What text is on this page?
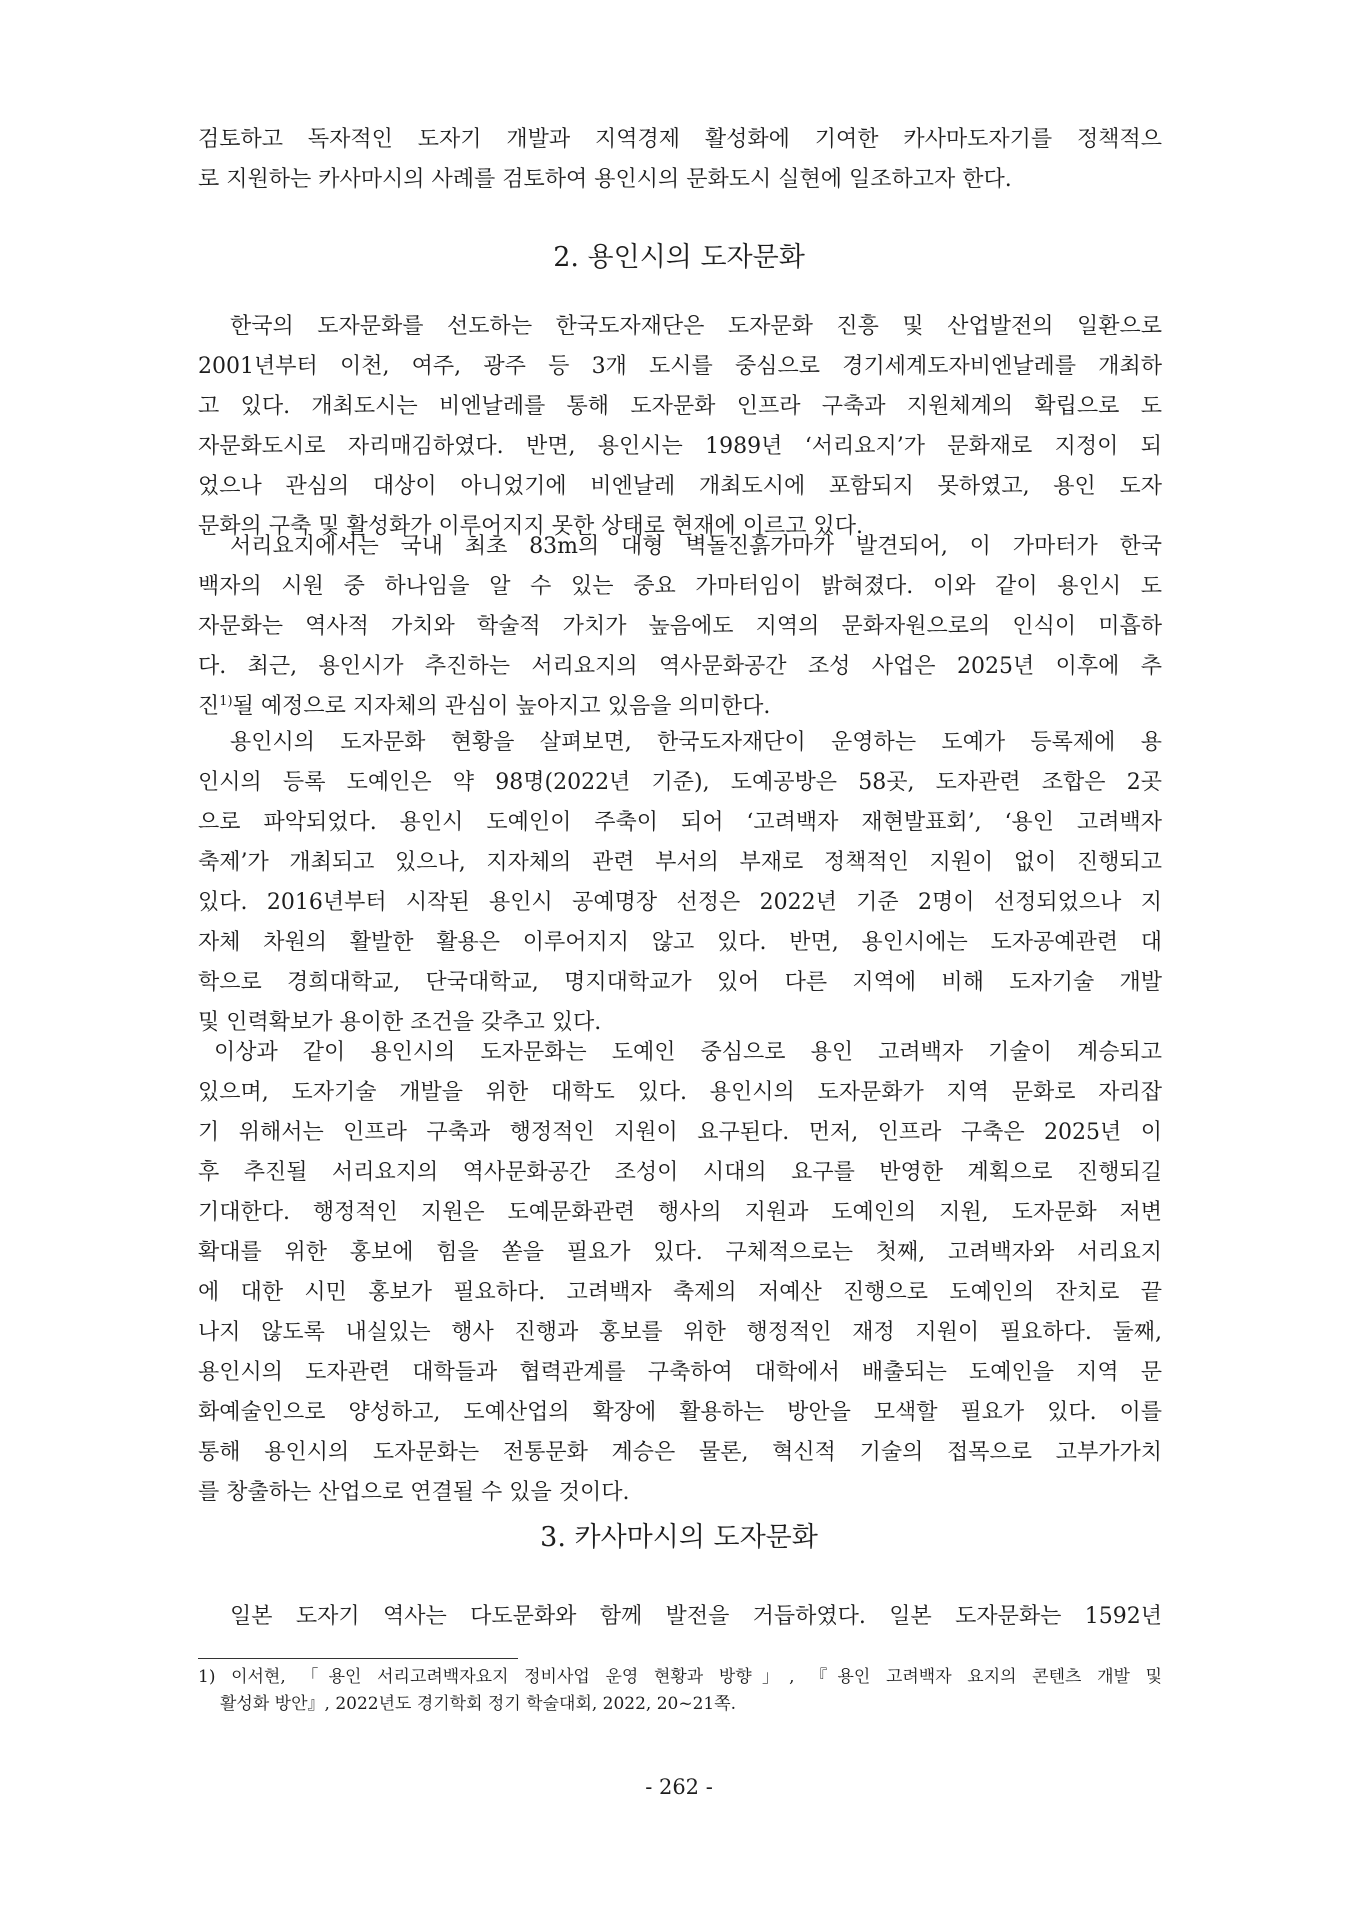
검토하고 독자적인 도자기 개발과 지역경제 활성화에 기여한 카사마도자기를 정책적으
로 지원하는 카사마시의 사례를 검토하여 용인시의 문화도시 실현에 일조하고자 한다.
2. 용인시의 도자문화
한국의 도자문화를 선도하는 한국도자재단은 도자문화 진흥 및 산업발전의 일환으로
2001년부터 이천, 여주, 광주 등 3개 도시를 중심으로 경기세계도자비엔날레를 개최하
고 있다. 개최도시는 비엔날레를 통해 도자문화 인프라 구축과 지원체계의 확립으로 도
자문화도시로 자리매김하였다. 반면, 용인시는 1989년 ‘서리요지’가 문화재로 지정이 되
었으나 관심의 대상이 아니었기에 비엔날레 개최도시에 포함되지 못하였고, 용인 도자
문화의 구축 및 활성화가 이루어지지 못한 상태로 현재에 이르고 있다.
서리요지에서는 국내 최초 83m의 대형 벽돌진흙가마가 발견되어, 이 가마터가 한국
백자의 시원 중 하나임을 알 수 있는 중요 가마터임이 밝혀졌다. 이와 같이 용인시 도
자문화는 역사적 가치와 학술적 가치가 높음에도 지역의 문화자원으로의 인식이 미흡하
다. 최근, 용인시가 추진하는 서리요지의 역사문화공간 조성 사업은 2025년 이후에 추
진$^{1)}$될 예정으로 지자체의 관심이 높아지고 있음을 의미한다.
용인시의 도자문화 현황을 살펴보면, 한국도자재단이 운영하는 도예가 등록제에 용
인시의 등록 도예인은 약 98명(2022년 기준), 도예공방은 58곳, 도자관련 조합은 2곳
으로 파악되었다. 용인시 도예인이 주축이 되어 ‘고려백자 재현발표회’, ‘용인 고려백자
축제’가 개최되고 있으나, 지자체의 관련 부서의 부재로 정책적인 지원이 없이 진행되고
있다. 2016년부터 시작된 용인시 공예명장 선정은 2022년 기준 2명이 선정되었으나 지
자체 차원의 활발한 활용은 이루어지지 않고 있다. 반면, 용인시에는 도자공예관련 대
학으로 경희대학교, 단국대학교, 명지대학교가 있어 다른 지역에 비해 도자기술 개발
및 인력확보가 용이한 조건을 갖추고 있다.
이상과 같이 용인시의 도자문화는 도예인 중심으로 용인 고려백자 기술이 계승되고
있으며, 도자기술 개발을 위한 대학도 있다. 용인시의 도자문화가 지역 문화로 자리잡
기 위해서는 인프라 구축과 행정적인 지원이 요구된다. 먼저, 인프라 구축은 2025년 이
후 추진될 서리요지의 역사문화공간 조성이 시대의 요구를 반영한 계획으로 진행되길
기대한다. 행정적인 지원은 도예문화관련 행사의 지원과 도예인의 지원, 도자문화 저변
확대를 위한 홍보에 힘을 쏟을 필요가 있다. 구체적으로는 첫째, 고려백자와 서리요지
에 대한 시민 홍보가 필요하다. 고려백자 축제의 저예산 진행으로 도예인의 잔치로 끝
나지 않도록 내실있는 행사 진행과 홍보를 위한 행정적인 재정 지원이 필요하다. 둘째,
용인시의 도자관련 대학들과 협력관계를 구축하여 대학에서 배출되는 도예인을 지역 문
화예술인으로 양성하고, 도예산업의 확장에 활용하는 방안을 모색할 필요가 있다. 이를
통해 용인시의 도자문화는 전통문화 계승은 물론, 혁신적 기술의 접목으로 고부가가치
를 창출하는 산업으로 연결될 수 있을 것이다.
3. 카사마시의 도자문화
일본 도자기 역사는 다도문화와 함께 발전을 거듭하였다. 일본 도자문화는 1592년
1) 이서현, 「용인 서리고려백자요지 정비사업 운영 현황과 방향」, 『용인 고려백자 요지의 콘텐츠 개발 및
활성화 방안』, 2022년도 경기학회 정기 학술대회, 2022, 20~21쪽.
- 262 -
